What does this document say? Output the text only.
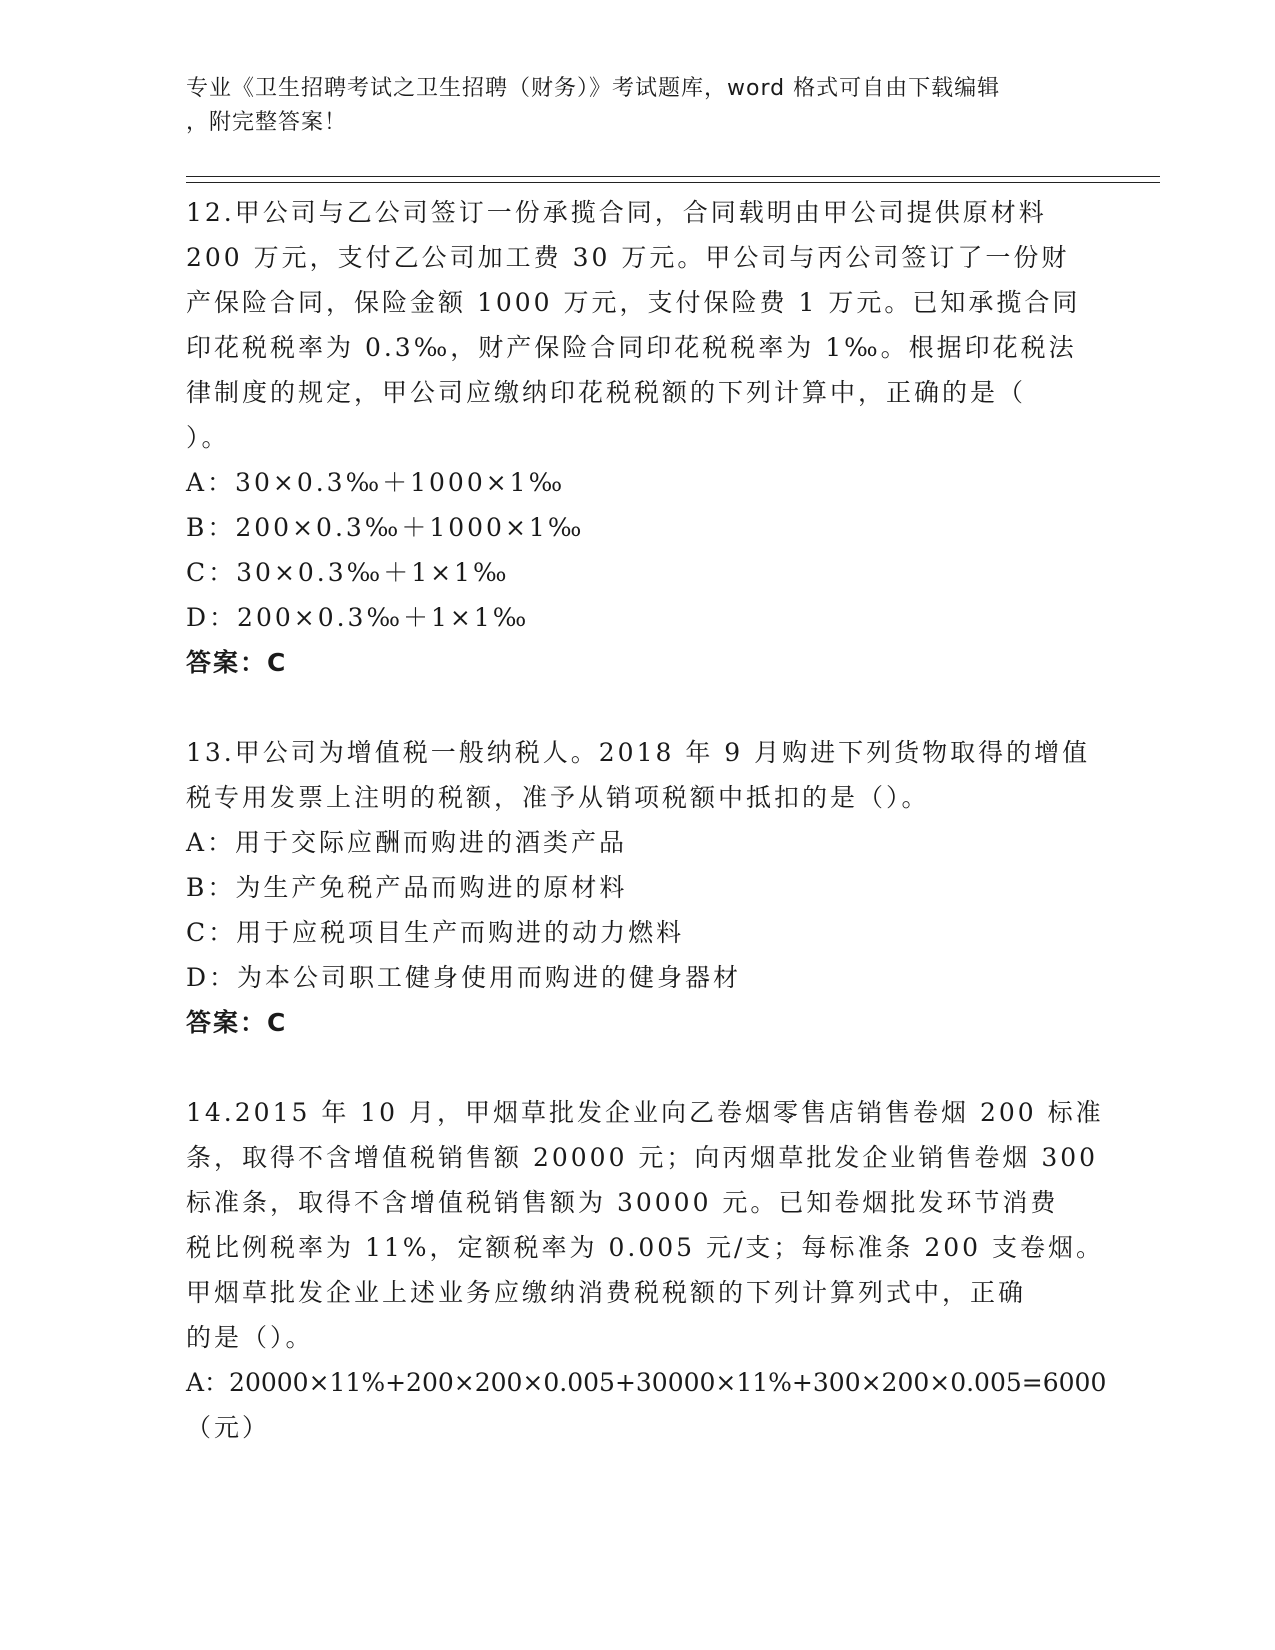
专业《卫生招聘考试之卫生招聘（财务）》考试题库，word 格式可自由下载编辑
，附完整答案！
12.甲公司与乙公司签订一份承揽合同，合同载明由甲公司提供原材料
200 万元，支付乙公司加工费 30 万元。甲公司与丙公司签订了一份财
产保险合同，保险金额 1000 万元，支付保险费 1 万元。已知承揽合同
印花税税率为 0.3‰，财产保险合同印花税税率为 1‰。根据印花税法
律制度的规定，甲公司应缴纳印花税税额的下列计算中，正确的是（
）。
A：30×0.3‰＋1000×1‰
B：200×0.3‰＋1000×1‰
C：30×0.3‰＋1×1‰
D：200×0.3‰＋1×1‰
答案：C
13.甲公司为增值税一般纳税人。2018 年 9 月购进下列货物取得的增值
税专用发票上注明的税额，准予从销项税额中抵扣的是（）。
A：用于交际应酬而购进的酒类产品
B：为生产免税产品而购进的原材料
C：用于应税项目生产而购进的动力燃料
D：为本公司职工健身使用而购进的健身器材
答案：C
14.2015 年 10 月，甲烟草批发企业向乙卷烟零售店销售卷烟 200 标准
条，取得不含增值税销售额 20000 元；向丙烟草批发企业销售卷烟 300
标准条，取得不含增值税销售额为 30000 元。已知卷烟批发环节消费
税比例税率为 11%，定额税率为 0.005 元/支；每标准条 200 支卷烟。
甲烟草批发企业上述业务应缴纳消费税税额的下列计算列式中，正确
的是（）。
A：20000×11%+200×200×0.005+30000×11%+300×200×0.005=6000
（元）
